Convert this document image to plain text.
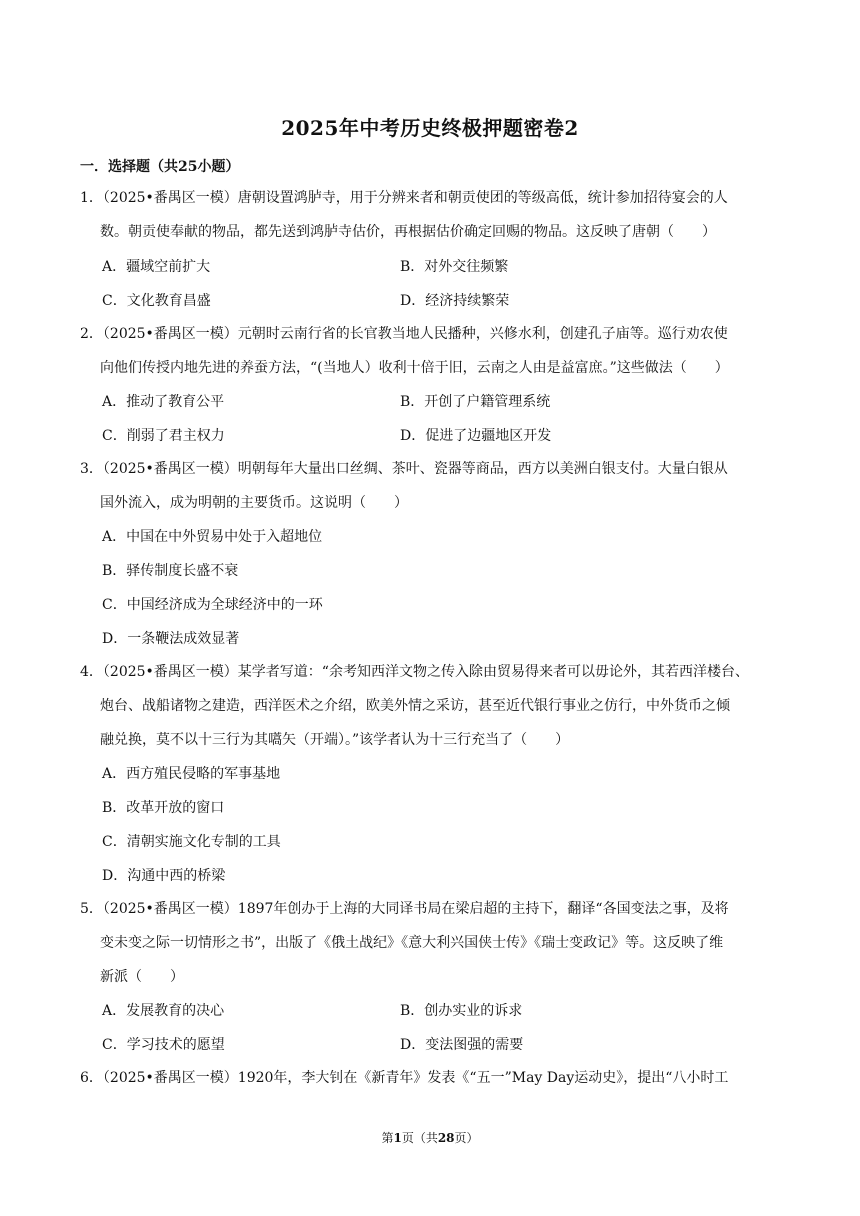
2025年中考历史终极押题密卷2
一．选择题（共25小题）
1．（2025•番禺区一模）唐朝设置鸿胪寺，用于分辨来者和朝贡使团的等级高低，统计参加招待宴会的人
数。朝贡使奉献的物品，都先送到鸿胪寺估价，再根据估价确定回赐的物品。这反映了唐朝（　　）
A．疆域空前扩大	B．对外交往频繁
C．文化教育昌盛	D．经济持续繁荣
2．（2025•番禺区一模）元朝时云南行省的长官教当地人民播种，兴修水利，创建孔子庙等。巡行劝农使
向他们传授内地先进的养蚕方法，“(当地人）收利十倍于旧，云南之人由是益富庶。”这些做法（　　）
A．推动了教育公平	B．开创了户籍管理系统
C．削弱了君主权力	D．促进了边疆地区开发
3．（2025•番禺区一模）明朝每年大量出口丝绸、茶叶、瓷器等商品，西方以美洲白银支付。大量白银从
国外流入，成为明朝的主要货币。这说明（　　）
A．中国在中外贸易中处于入超地位
B．驿传制度长盛不衰
C．中国经济成为全球经济中的一环
D．一条鞭法成效显著
4．（2025•番禺区一模）某学者写道：“余考知西洋文物之传入除由贸易得来者可以毋论外，其若西洋楼台、
炮台、战船诸物之建造，西洋医术之介绍，欧美外情之采访，甚至近代银行事业之仿行，中外货币之倾
融兑换，莫不以十三行为其嚆矢（开端）。”该学者认为十三行充当了（　　）
A．西方殖民侵略的军事基地
B．改革开放的窗口
C．清朝实施文化专制的工具
D．沟通中西的桥梁
5．（2025•番禺区一模）1897年创办于上海的大同译书局在梁启超的主持下，翻译“各国变法之事，及将
变未变之际一切情形之书”，出版了《俄土战纪》《意大利兴国侠士传》《瑞士变政记》等。这反映了维
新派（　　）
A．发展教育的决心	B．创办实业的诉求
C．学习技术的愿望	D．变法图强的需要
6．（2025•番禺区一模）1920年，李大钊在《新青年》发表《“五一”May Day运动史》，提出“八小时工
第1页（共28页）
